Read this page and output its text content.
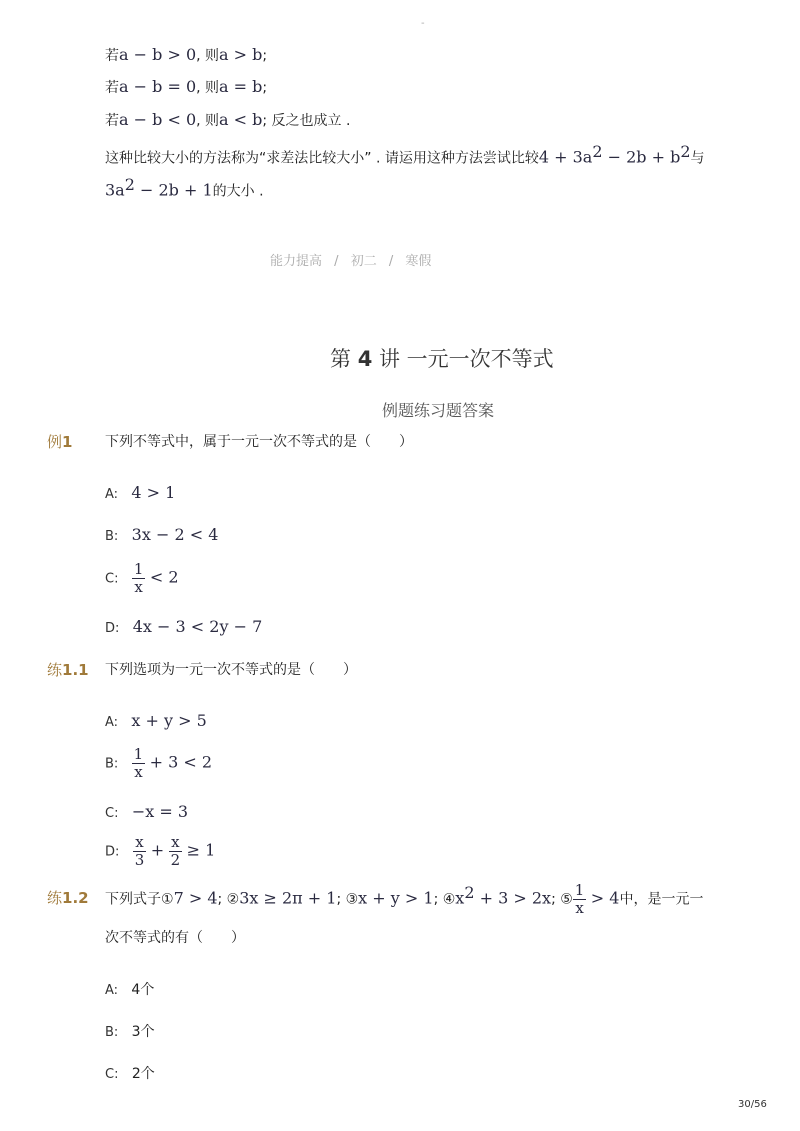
-
若a − b > 0, 则a > b;
若a − b = 0, 则a = b;
若a − b < 0, 则a < b; 反之也成立 .
这种比较大小的方法称为“求差法比较大小” . 请运用这种方法尝试比较$4 + 3a^2 - 2b + b^2$与
$3a^2 - 2b + 1$的大小 .
能力提高 / 初二 / 寒假
第 4 讲 一元一次不等式
例题练习题答案
例1 下列不等式中，属于一元一次不等式的是（　　）
A: 4 > 1
B: 3x − 2 < 4
C: $\frac{1}{x} < 2$
D: 4x − 3 < 2y − 7
练1.1 下列选项为一元一次不等式的是（　　）
A: x + y > 5
B: $\frac{1}{x} + 3 < 2$
C: −x = 3
D: $\frac{x}{3} + \frac{x}{2} \ge 1$
练1.2 下列式子①7 > 4; ②3x ≥ 2π + 1; ③x + y > 1; $④x^2 + 3 > 2x$; ⑤ $\frac{1}{x} > 4$中，是一元一
次不等式的有（　　）
A: 4个
B: 3个
C: 2个
30/56
